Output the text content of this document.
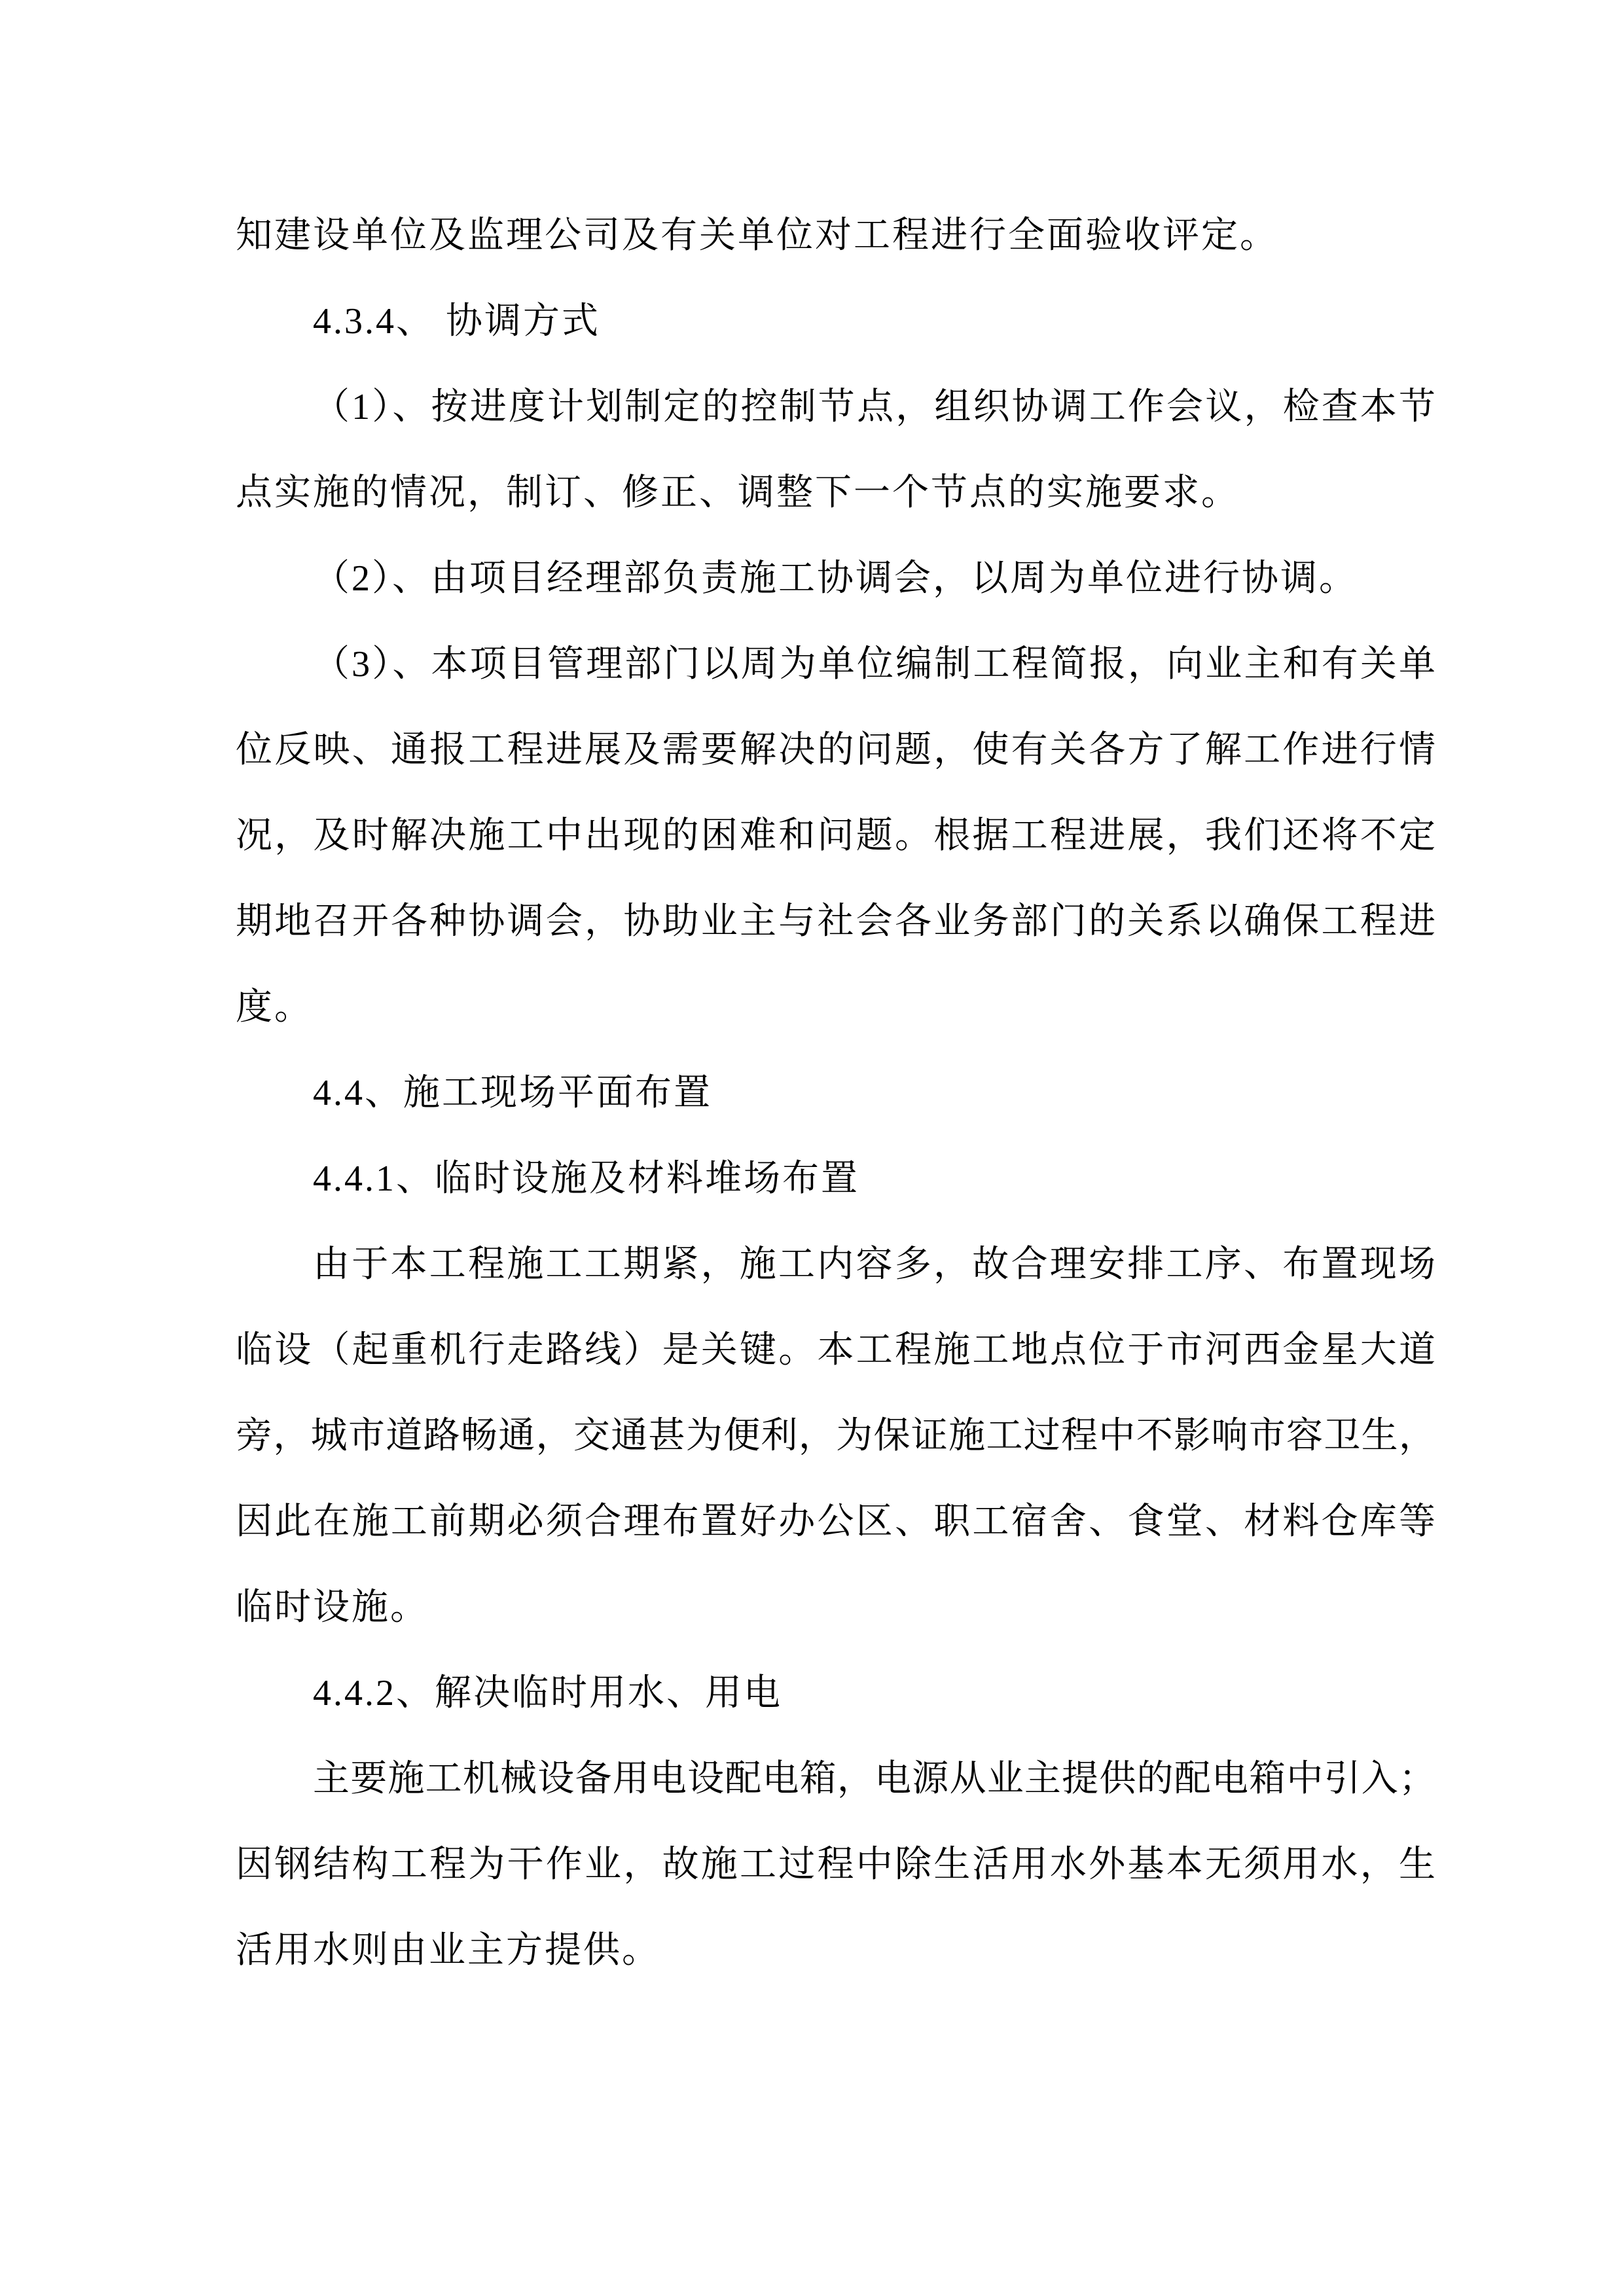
知建设单位及监理公司及有关单位对工程进行全面验收评定。
4.3.4、 协调方式
（1）、按进度计划制定的控制节点，组织协调工作会议，检查本节
点实施的情况，制订、修正、调整下一个节点的实施要求。
（2）、由项目经理部负责施工协调会，以周为单位进行协调。
（3）、本项目管理部门以周为单位编制工程简报，向业主和有关单
位反映、通报工程进展及需要解决的问题，使有关各方了解工作进行情
况，及时解决施工中出现的困难和问题。根据工程进展，我们还将不定
期地召开各种协调会，协助业主与社会各业务部门的关系以确保工程进
度。
4.4、施工现场平面布置
4.4.1、临时设施及材料堆场布置
由于本工程施工工期紧，施工内容多，故合理安排工序、布置现场
临设（起重机行走路线）是关键。本工程施工地点位于市河西金星大道
旁，城市道路畅通，交通甚为便利，为保证施工过程中不影响市容卫生，
因此在施工前期必须合理布置好办公区、职工宿舍、食堂、材料仓库等
临时设施。
4.4.2、解决临时用水、用电
主要施工机械设备用电设配电箱，电源从业主提供的配电箱中引入；
因钢结构工程为干作业，故施工过程中除生活用水外基本无须用水，生
活用水则由业主方提供。
